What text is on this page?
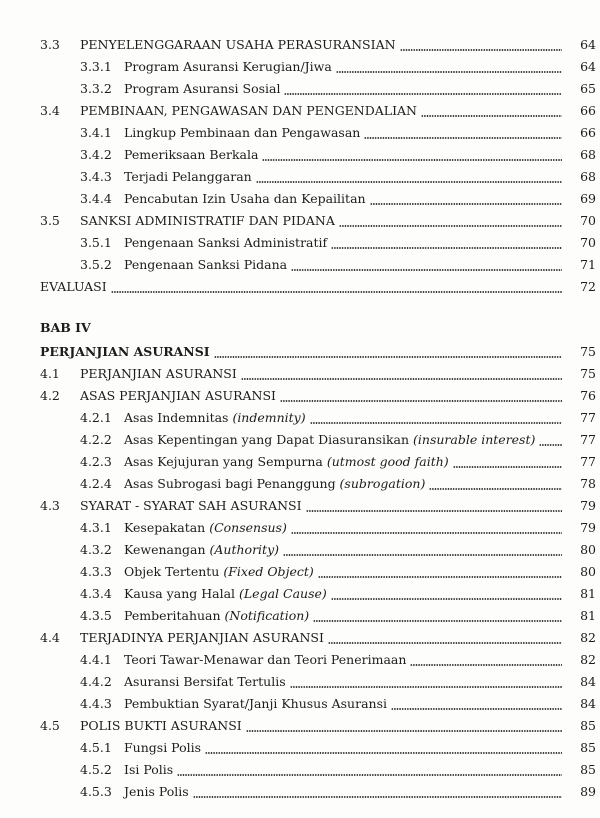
3.3 PENYELENGGARAAN USAHA PERASURANSIAN	64
3.3.1 Program Asuransi Kerugian/Jiwa	64
3.3.2 Program Asuransi Sosial	65
3.4 PEMBINAAN, PENGAWASAN DAN PENGENDALIAN	66
3.4.1 Lingkup Pembinaan dan Pengawasan	66
3.4.2 Pemeriksaan Berkala	68
3.4.3 Terjadi Pelanggaran	68
3.4.4 Pencabutan Izin Usaha dan Kepailitan	69
3.5 SANKSI ADMINISTRATIF DAN PIDANA	70
3.5.1 Pengenaan Sanksi Administratif	70
3.5.2 Pengenaan Sanksi Pidana	71
EVALUASI	72
BAB IV
PERJANJIAN ASURANSI	75
4.1 PERJANJIAN ASURANSI	75
4.2 ASAS PERJANJIAN ASURANSI	76
4.2.1 Asas Indemnitas (indemnity)	77
4.2.2 Asas Kepentingan yang Dapat Diasuransikan (insurable interest)	77
4.2.3 Asas Kejujuran yang Sempurna (utmost good faith)	77
4.2.4 Asas Subrogasi bagi Penanggung (subrogation)	78
4.3 SYARAT - SYARAT SAH ASURANSI	79
4.3.1 Kesepakatan (Consensus)	79
4.3.2 Kewenangan (Authority)	80
4.3.3 Objek Tertentu (Fixed Object)	80
4.3.4 Kausa yang Halal (Legal Cause)	81
4.3.5 Pemberitahuan (Notification)	81
4.4 TERJADINYA PERJANJIAN ASURANSI	82
4.4.1 Teori Tawar-Menawar dan Teori Penerimaan	82
4.4.2 Asuransi Bersifat Tertulis	84
4.4.3 Pembuktian Syarat/Janji Khusus Asuransi	84
4.5 POLIS BUKTI ASURANSI	85
4.5.1 Fungsi Polis	85
4.5.2 Isi Polis	85
4.5.3 Jenis Polis	89
